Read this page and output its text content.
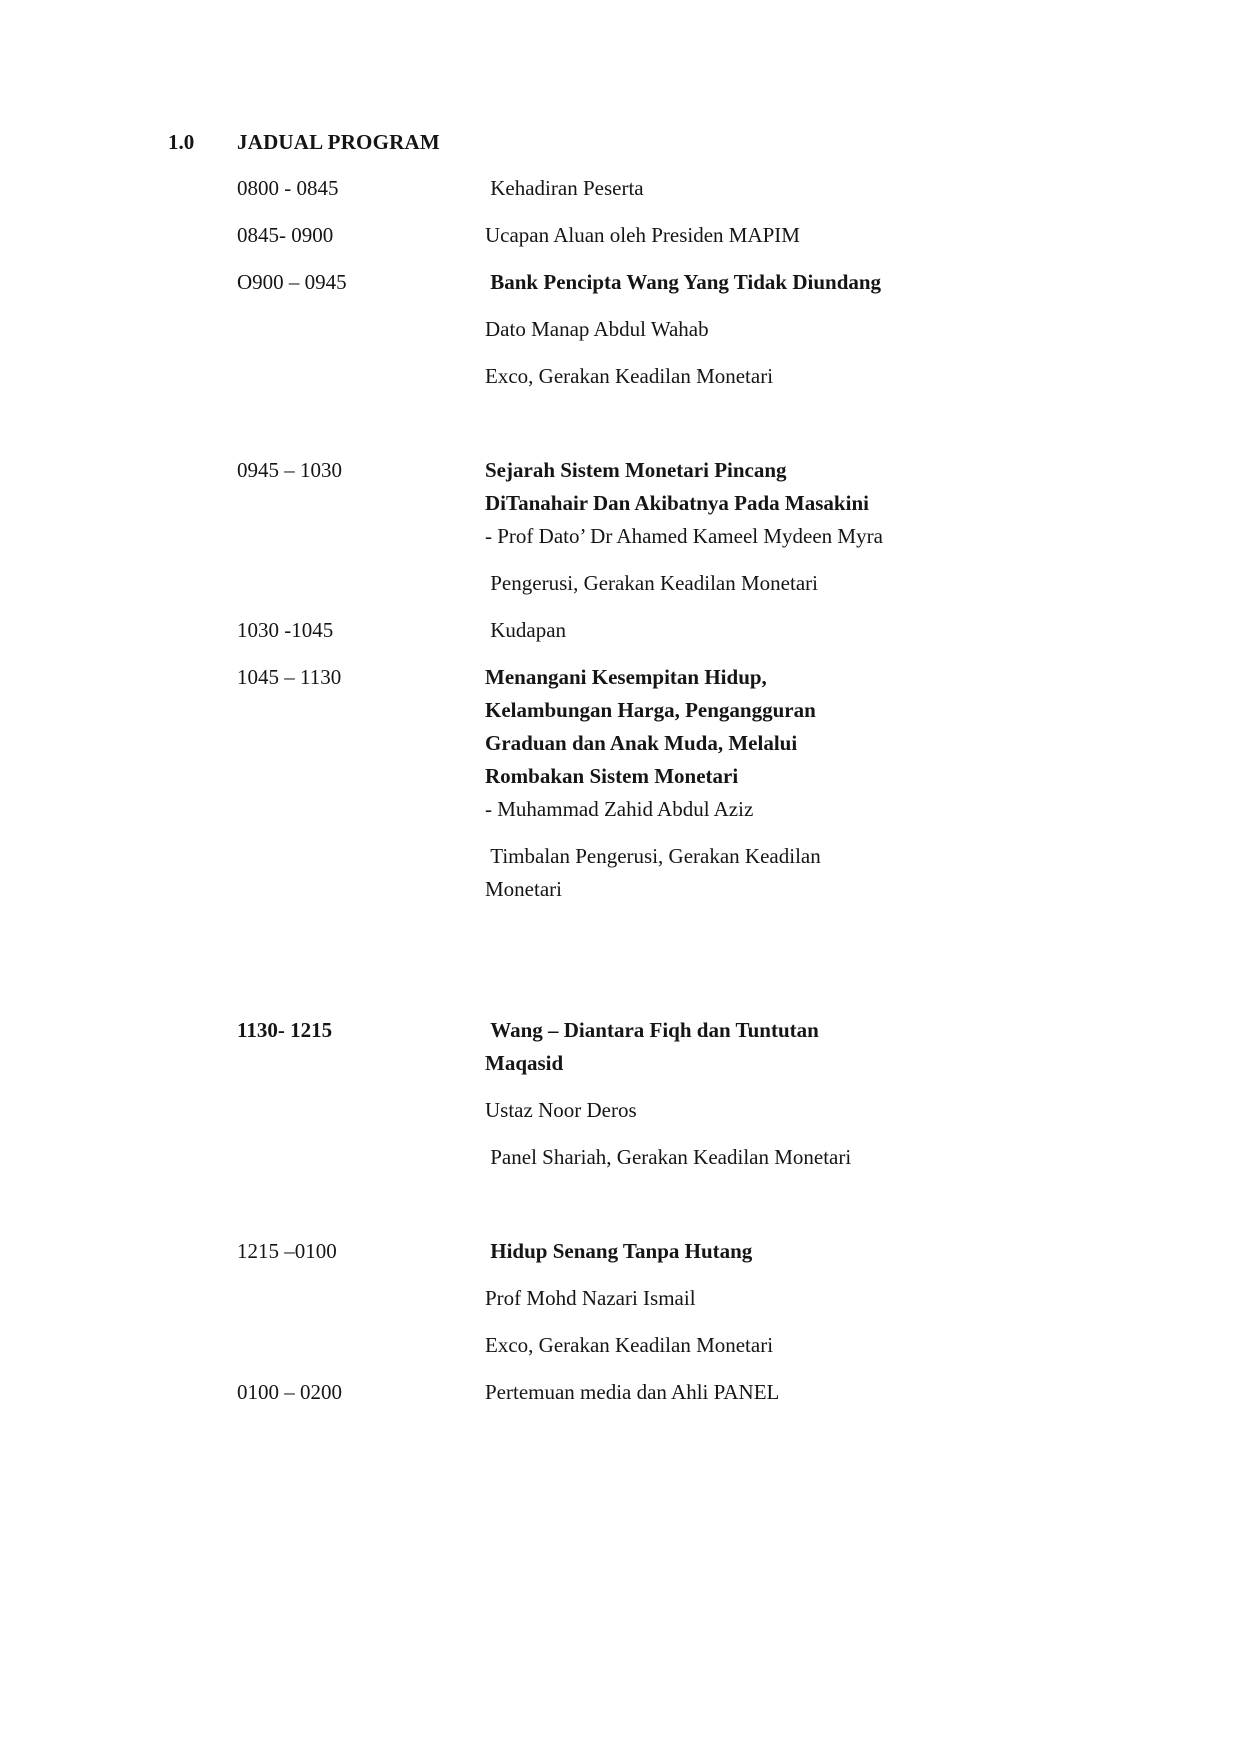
1.0	JADUAL PROGRAM
0800 - 0845	Kehadiran Peserta
0845- 0900	Ucapan Aluan oleh Presiden MAPIM
O900 – 0945	Bank Pencipta Wang Yang Tidak Diundang
Dato Manap Abdul Wahab
Exco, Gerakan Keadilan Monetari
0945 – 1030	Sejarah Sistem Monetari Pincang
DiTanahair Dan Akibatnya Pada Masakini
- Prof Dato’ Dr Ahamed Kameel Mydeen Myra
Pengerusi, Gerakan Keadilan Monetari
1030 -1045	Kudapan
1045 – 1130	Menangani Kesempitan Hidup,
Kelambungan Harga, Pengangguran
Graduan dan Anak Muda, Melalui
Rombakan Sistem Monetari
- Muhammad Zahid Abdul Aziz
Timbalan Pengerusi, Gerakan Keadilan
Monetari
1130- 1215	Wang – Diantara Fiqh dan Tuntutan
Maqasid
Ustaz Noor Deros
Panel Shariah, Gerakan Keadilan Monetari
1215 –0100	Hidup Senang Tanpa Hutang
Prof Mohd Nazari Ismail
Exco, Gerakan Keadilan Monetari
0100 – 0200	Pertemuan media dan Ahli PANEL
